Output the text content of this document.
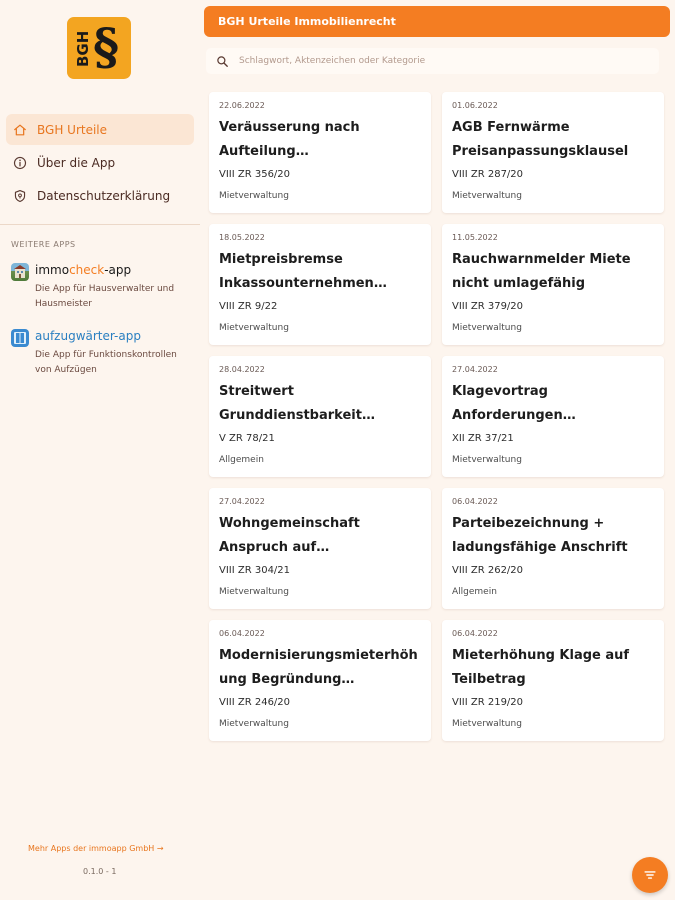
BGH §
BGH Urteile
Über die App
Datenschutzerklärung
WEITERE APPS
immocheck-app
Die App für Hausverwalter und Hausmeister
aufzugwärter-app
Die App für Funktionskontrollen von Aufzügen
Mehr Apps der immoapp GmbH →
0.1.0 - 1
BGH Urteile Immobilienrecht
Schlagwort, Aktenzeichen oder Kategorie
22.06.2022
Veräusserung nach Aufteilung
VIII ZR 356/20
Mietverwaltung
01.06.2022
AGB Fernwärme Preisanpassungsklausel
VIII ZR 287/20
Mietverwaltung
18.05.2022
Mietpreisbremse Inkassounternehmen
VIII ZR 9/22
Mietverwaltung
11.05.2022
Rauchwarnmelder Miete nicht umlagefähig
VIII ZR 379/20
Mietverwaltung
28.04.2022
Streitwert Grunddienstbarkeit
V ZR 78/21
Allgemein
27.04.2022
Klagevortrag Anforderungen
XII ZR 37/21
Mietverwaltung
27.04.2022
Wohngemeinschaft Anspruch auf
VIII ZR 304/21
Mietverwaltung
06.04.2022
Parteibezeichnung + ladungsfähige Anschrift
VIII ZR 262/20
Allgemein
06.04.2022
Modernisierungsmieterhöhung Begründung
VIII ZR 246/20
Mietverwaltung
06.04.2022
Mieterhöhung Klage auf Teilbetrag
VIII ZR 219/20
Mietverwaltung
